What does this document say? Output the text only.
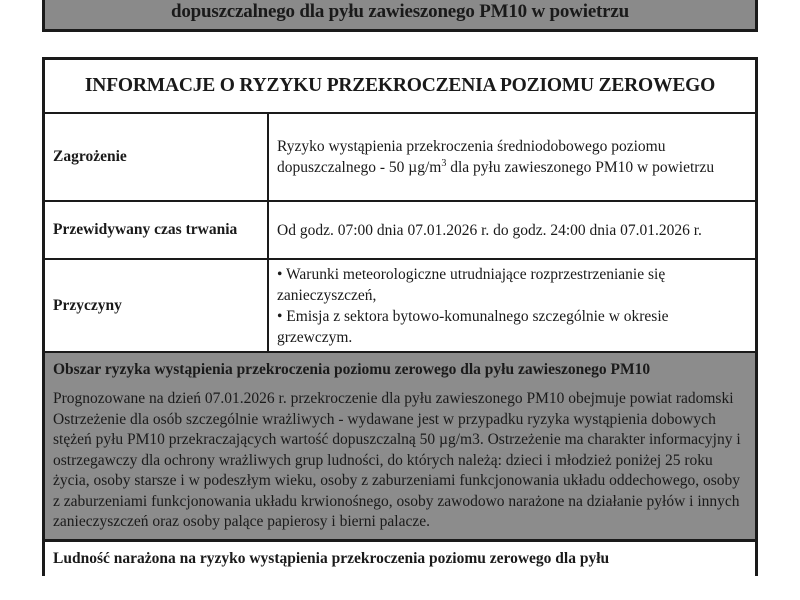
dopuszczalnego dla pyłu zawieszonego PM10 w powietrzu
INFORMACJE O RYZYKU PRZEKROCZENIA POZIOMU ZEROWEGO
Zagrożenie
Ryzyko wystąpienia przekroczenia średniodobowego poziomu dopuszczalnego - 50 $\mu g/m^3$ dla pyłu zawieszonego PM10 w powietrzu
Przewidywany czas trwania	Od godz. 07:00 dnia 07.01.2026 r. do godz. 24:00 dnia 07.01.2026 r.
Przyczyny
• Warunki meteorologiczne utrudniające rozprzestrzenianie się zanieczyszczeń,
• Emisja z sektora bytowo-komunalnego szczególnie w okresie grzewczym.
Obszar ryzyka wystąpienia przekroczenia poziomu zerowego dla pyłu zawieszonego PM10
Prognozowane na dzień 07.01.2026 r. przekroczenie dla pyłu zawieszonego PM10 obejmuje powiat radomski Ostrzeżenie dla osób szczególnie wrażliwych - wydawane jest w przypadku ryzyka wystąpienia dobowych stężeń pyłu PM10 przekraczających wartość dopuszczalną 50 µg/m3. Ostrzeżenie ma charakter informacyjny i ostrzegawczy dla ochrony wrażliwych grup ludności, do których należą: dzieci i młodzież poniżej 25 roku życia, osoby starsze i w podeszłym wieku, osoby z zaburzeniami funkcjonowania układu oddechowego, osoby z zaburzeniami funkcjonowania układu krwionośnego, osoby zawodowo narażone na działanie pyłów i innych zanieczyszczeń oraz osoby palące papierosy i bierni palacze.
Ludność narażona na ryzyko wystąpienia przekroczenia poziomu zerowego dla pyłu
